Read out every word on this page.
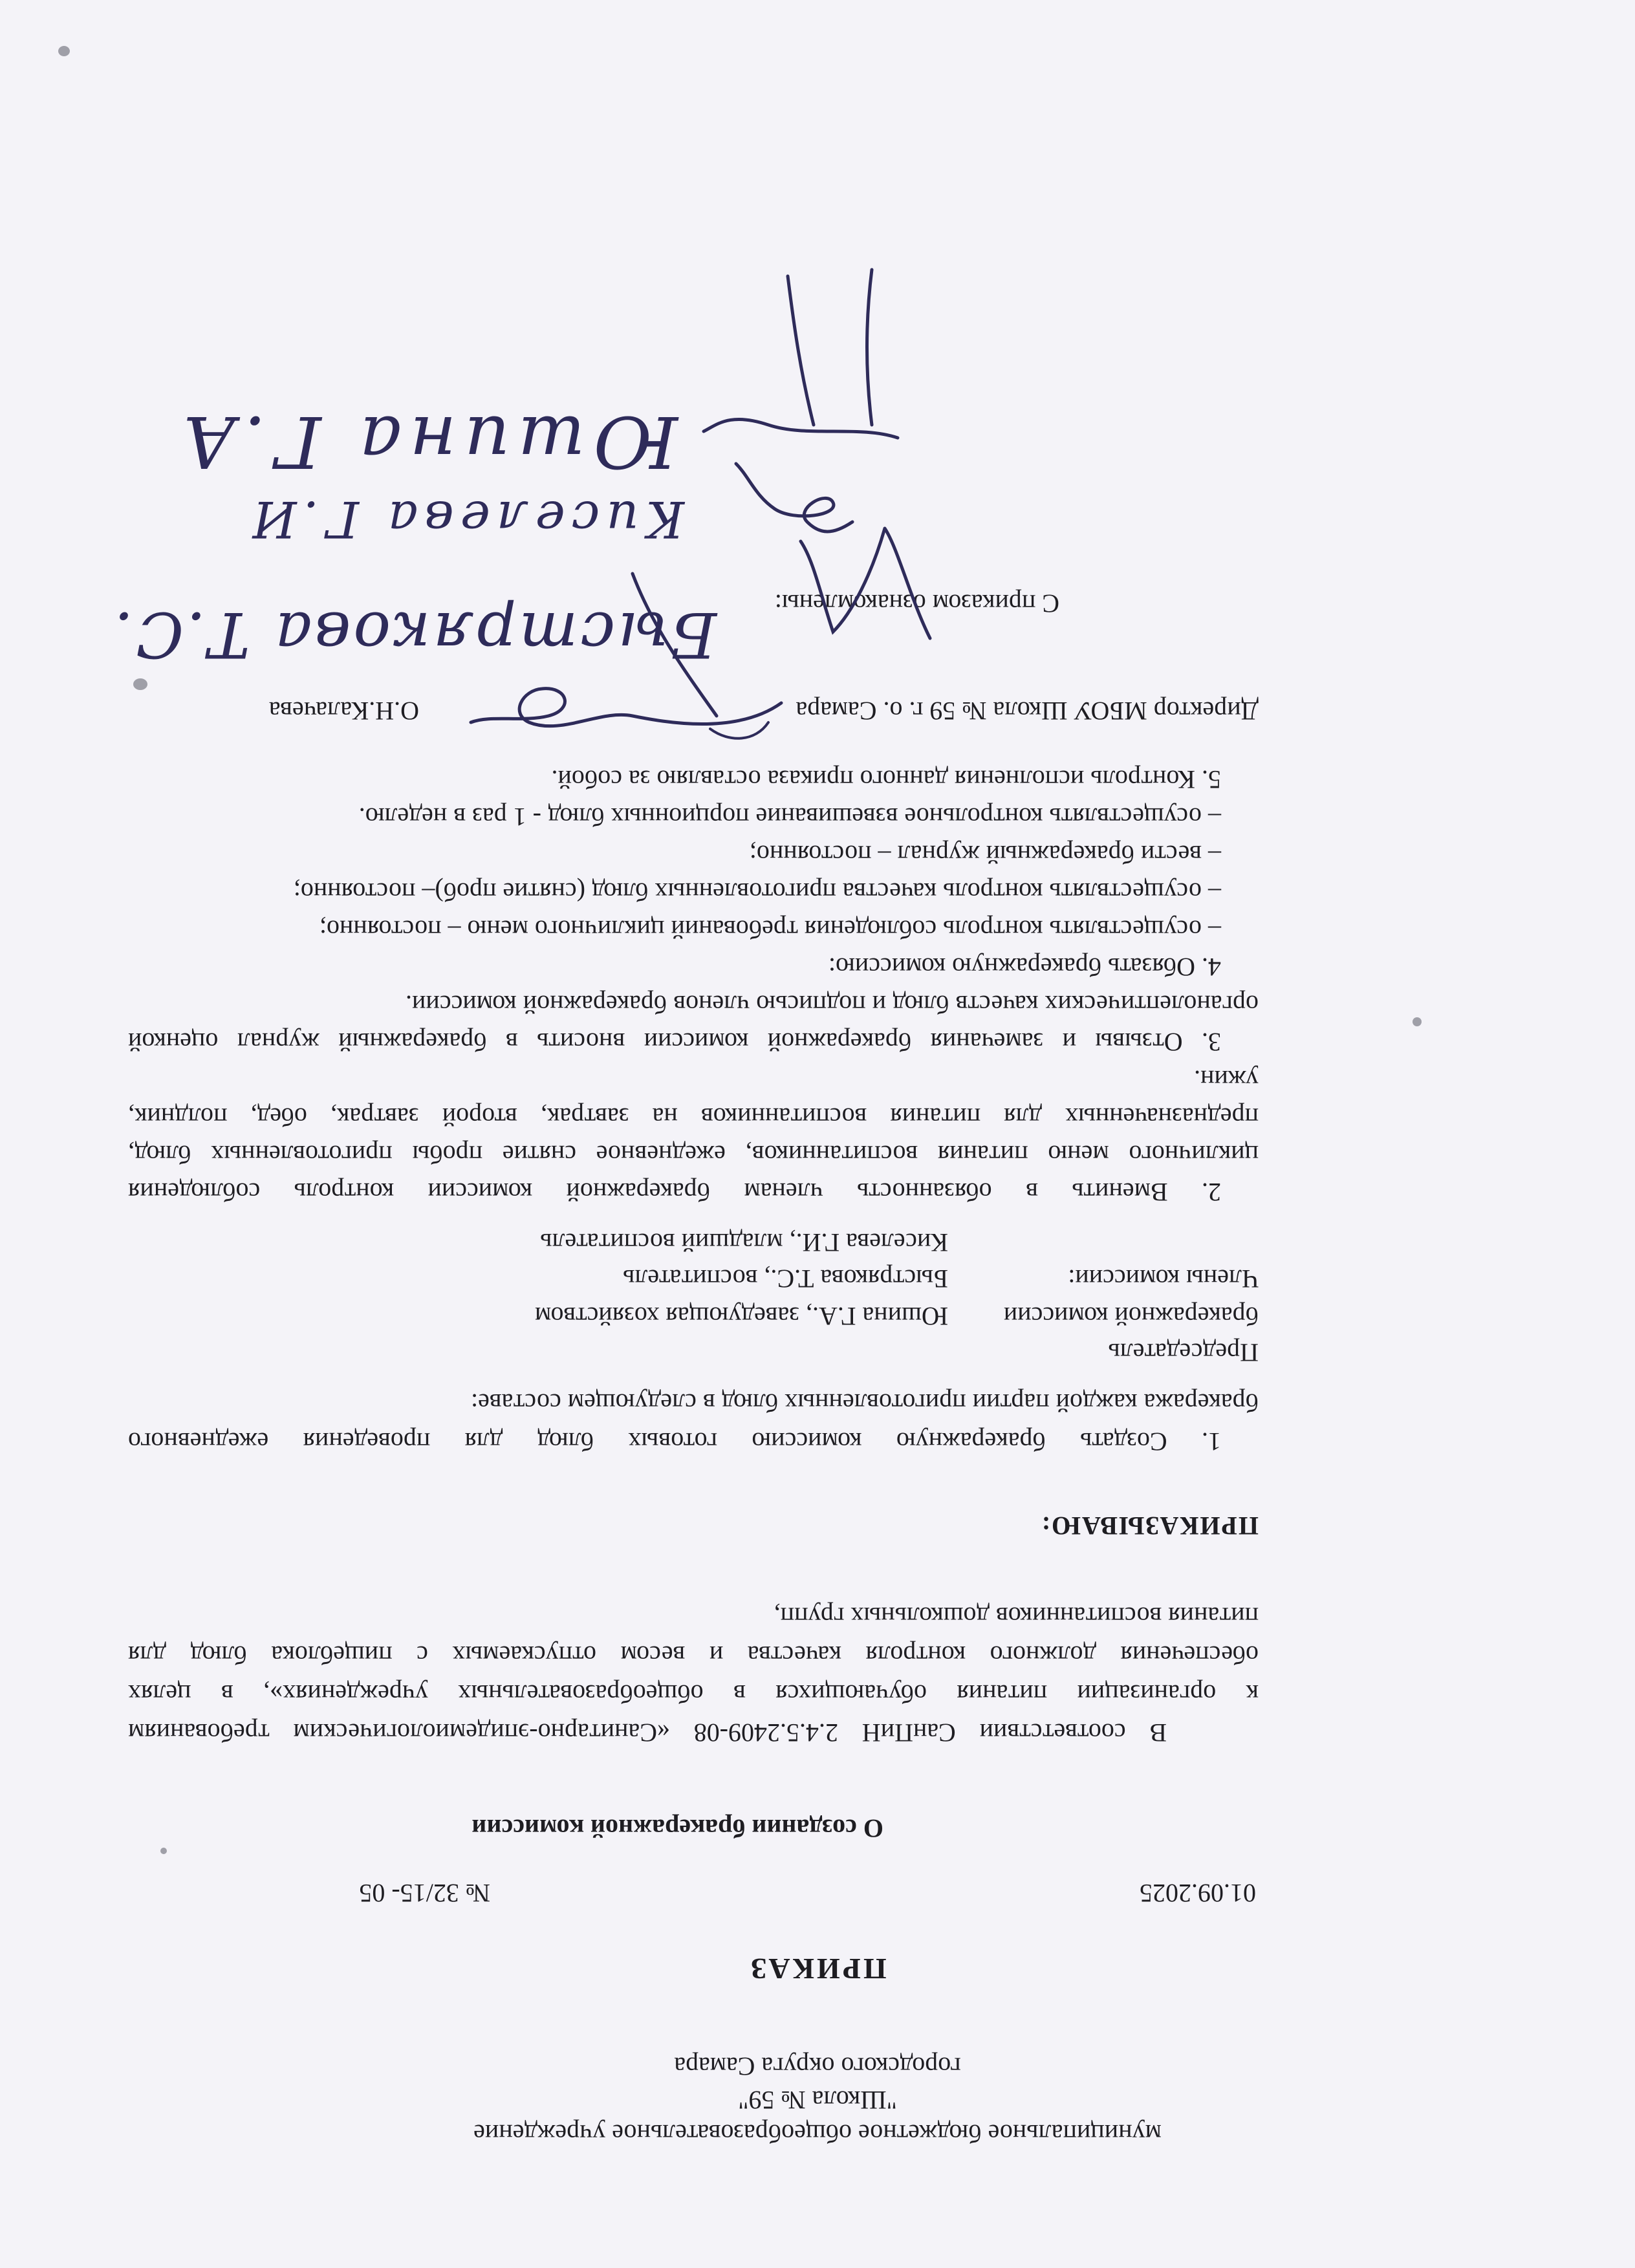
муниципальное бюджетное общеобразовательное учреждение
"Школа № 59"
городского округа Самара
ПРИКАЗ
01.09.2025
№ 32/15- 05
О создании бракеражной комиссии
В соответствии СанПиН 2.4.5.2409-08 «Санитарно-эпидемиологическим требованиям
к организации питания обучающихся в общеобразовательных учреждениях», в целях
обеспечения должного контроля качества и весом отпускаемых с пищеблока блюд для
питания воспитанников дошкольных групп,
ПРИКАЗЫВАЮ:
1. Создать бракеражную комиссию готовых блюд для проведения ежедневного
бракеража каждой партии приготовленных блюд в следующем составе:
Председатель
бракеражной комиссии
Юшина Г.А., заведующая хозяйством
Члены комиссии:
Быстрякова Т.С., воспитатель
Киселева Г.И., младший воспитатель
2. Вменить в обязанность членам бракеражной комиссии контроль соблюдения
цикличного меню питания воспитанников, ежедневное снятие пробы приготовленных блюд,
предназначенных для питания воспитанников на завтрак, второй завтрак, обед, полдник,
ужин.
3. Отзывы и замечания бракеражной комиссии вносить в бракеражный журнал оценкой
органолептических качеств блюд и подписью членов бракеражной комиссии.
4. Обязать бракеражную комиссию:
– осуществлять контроль соблюдения требований цикличного меню – постоянно;
– осуществлять контроль качества приготовленных блюд (снятие проб)– постоянно;
– вести бракеражный журнал – постоянно;
– осуществлять контрольное взвешивание порционных блюд - 1 раз в неделю.
5. Контроль исполнения данного приказа оставляю за собой.
Директор МБОУ Школа № 59 г. о. Самара
О.Н.Калачева
С приказом ознакомлены:
Быстрякова Т.С.
Киселева Г.И
Юшина Г.А
